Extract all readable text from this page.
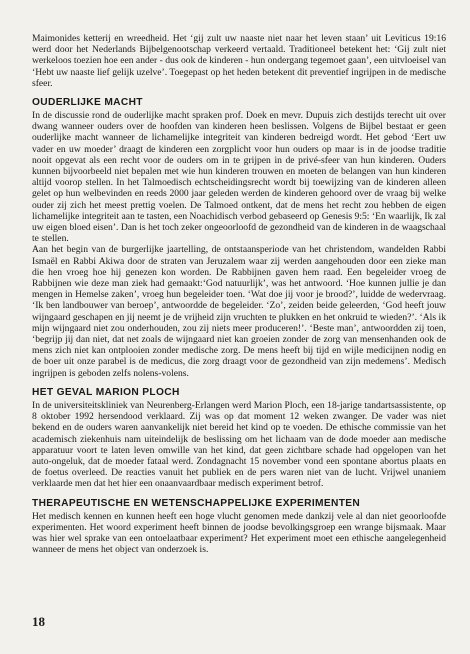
Maimonides ketterij en wreedheid. Het ‘gij zult uw naaste niet naar het leven staan’ uit Leviticus 19:16 werd door het Nederlands Bijbelgenootschap verkeerd vertaald. Traditioneel betekent het: ‘Gij zult niet werkeloos toezien hoe een ander - dus ook de kinderen - hun ondergang tegemoet gaan’, een uitvloeisel van ‘Hebt uw naaste lief gelijk uzelve’. Toegepast op het heden betekent dit preventief ingrijpen in de medische sfeer.

OUDERLIJKE MACHT

In de discussie rond de ouderlijke macht spraken prof. Doek en mevr. Dupuis zich destijds terecht uit over dwang wanneer ouders over de hoofden van kinderen heen beslissen. Volgens de Bijbel bestaat er geen ouderlijke macht wanneer de lichamelijke integriteit van kinderen bedreigd wordt. Het gebod ‘Eert uw vader en uw moeder’ draagt de kinderen een zorgplicht voor hun ouders op maar is in de joodse traditie nooit opgevat als een recht voor de ouders om in te grijpen in de privé-sfeer van hun kinderen. Ouders kunnen bijvoorbeeld niet bepalen met wie hun kinderen trouwen en moeten de belangen van hun kinderen altijd voorop stellen. In het Talmoedisch echtscheidingsrecht wordt bij toewijzing van de kinderen alleen gelet op hun welbevinden en reeds 2000 jaar geleden werden de kinderen gehoord over de vraag bij welke ouder zij zich het meest prettig voelen. De Talmoed ontkent, dat de mens het recht zou hebben de eigen lichamelijke integriteit aan te tasten, een Noachidisch verbod gebaseerd op Genesis 9:5: ‘En waarlijk, Ik zal uw eigen bloed eisen’. Dan is het toch zeker ongeoorloofd de gezondheid van de kinderen in de waagschaal te stellen.

Aan het begin van de burgerlijke jaartelling, de ontstaansperiode van het christendom, wandelden Rabbi Ismaël en Rabbi Akiwa door de straten van Jeruzalem waar zij werden aangehouden door een zieke man die hen vroeg hoe hij genezen kon worden. De Rabbijnen gaven hem raad. Een begeleider vroeg de Rabbijnen wie deze man ziek had gemaakt:‘God natuurlijk’, was het antwoord. ‘Hoe kunnen jullie je dan mengen in Hemelse zaken’, vroeg hun begeleider toen. ‘Wat doe jij voor je brood?’, luidde de wedervraag. ‘Ik ben landbouwer van beroep’, antwoordde de begeleider. ‘Zo’, zeiden beide geleerden, ‘God heeft jouw wijngaard geschapen en jij neemt je de vrijheid zijn vruchten te plukken en het onkruid te wieden?’. ‘Als ik mijn wijngaard niet zou onderhouden, zou zij niets meer produceren!’. ‘Beste man’, antwoordden zij toen, ‘begrijp jij dan niet, dat net zoals de wijngaard niet kan groeien zonder de zorg van mensenhanden ook de mens zich niet kan ontplooien zonder medische zorg. De mens heeft bij tijd en wijle medicijnen nodig en de boer uit onze parabel is de medicus, die zorg draagt voor de gezondheid van zijn medemens’. Medisch ingrijpen is geboden zelfs nolens-volens.

HET GEVAL MARION PLOCH

In de universiteitskliniek van Neurenberg-Erlangen werd Marion Ploch, een 18-jarige tandartsassistente, op 8 oktober 1992 hersendood verklaard. Zij was op dat moment 12 weken zwanger. De vader was niet bekend en de ouders waren aanvankelijk niet bereid het kind op te voeden. De ethische commissie van het academisch ziekenhuis nam uiteindelijk de beslissing om het lichaam van de dode moeder aan medische apparatuur voort te laten leven omwille van het kind, dat geen zichtbare schade had opgelopen van het auto-ongeluk, dat de moeder fataal werd. Zondagnacht 15 november vond een spontane abortus plaats en de foetus overleed. De reacties vanuit het publiek en de pers waren niet van de lucht. Vrijwel unaniem verklaarde men dat het hier een onaanvaardbaar medisch experiment betrof.

THERAPEUTISCHE EN WETENSCHAPPELIJKE EXPERIMENTEN

Het medisch kennen en kunnen heeft een hoge vlucht genomen mede dankzij vele al dan niet geoorloofde experimenten. Het woord experiment heeft binnen de joodse bevolkingsgroep een wrange bijsmaak. Maar was hier wel sprake van een ontoelaatbaar experiment? Het experiment moet een ethische aangelegenheid wanneer de mens het object van onderzoek is.

18
